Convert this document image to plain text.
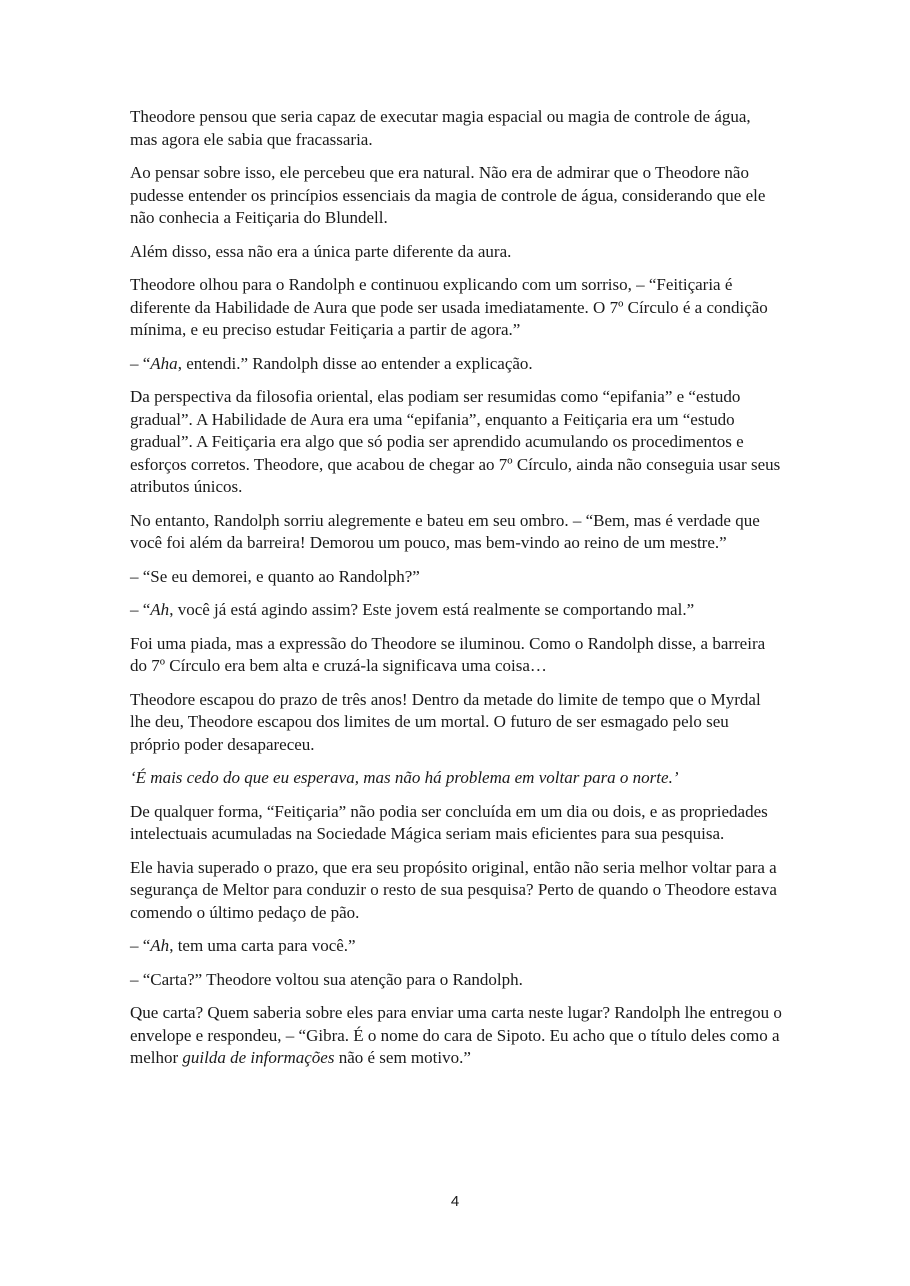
Theodore pensou que seria capaz de executar magia espacial ou magia de controle de água, mas agora ele sabia que fracassaria.

Ao pensar sobre isso, ele percebeu que era natural. Não era de admirar que o Theodore não pudesse entender os princípios essenciais da magia de controle de água, considerando que ele não conhecia a Feitiçaria do Blundell.

Além disso, essa não era a única parte diferente da aura.

Theodore olhou para o Randolph e continuou explicando com um sorriso, – “Feitiçaria é diferente da Habilidade de Aura que pode ser usada imediatamente. O 7º Círculo é a condição mínima, e eu preciso estudar Feitiçaria a partir de agora.”

– “Aha, entendi.” Randolph disse ao entender a explicação.

Da perspectiva da filosofia oriental, elas podiam ser resumidas como “epifania” e “estudo gradual”. A Habilidade de Aura era uma “epifania”, enquanto a Feitiçaria era um “estudo gradual”. A Feitiçaria era algo que só podia ser aprendido acumulando os procedimentos e esforços corretos. Theodore, que acabou de chegar ao 7º Círculo, ainda não conseguia usar seus atributos únicos.

No entanto, Randolph sorriu alegremente e bateu em seu ombro. – “Bem, mas é verdade que você foi além da barreira! Demorou um pouco, mas bem-vindo ao reino de um mestre.”

– “Se eu demorei, e quanto ao Randolph?”

– “Ah, você já está agindo assim? Este jovem está realmente se comportando mal.”

Foi uma piada, mas a expressão do Theodore se iluminou. Como o Randolph disse, a barreira do 7º Círculo era bem alta e cruzá-la significava uma coisa…

Theodore escapou do prazo de três anos! Dentro da metade do limite de tempo que o Myrdal lhe deu, Theodore escapou dos limites de um mortal. O futuro de ser esmagado pelo seu próprio poder desapareceu.

‘É mais cedo do que eu esperava, mas não há problema em voltar para o norte.’

De qualquer forma, “Feitiçaria” não podia ser concluída em um dia ou dois, e as propriedades intelectuais acumuladas na Sociedade Mágica seriam mais eficientes para sua pesquisa.

Ele havia superado o prazo, que era seu propósito original, então não seria melhor voltar para a segurança de Meltor para conduzir o resto de sua pesquisa? Perto de quando o Theodore estava comendo o último pedaço de pão.

– “Ah, tem uma carta para você.”

– “Carta?” Theodore voltou sua atenção para o Randolph.

Que carta? Quem saberia sobre eles para enviar uma carta neste lugar? Randolph lhe entregou o envelope e respondeu, – “Gibra. É o nome do cara de Sipoto. Eu acho que o título deles como a melhor guilda de informações não é sem motivo.”

4
